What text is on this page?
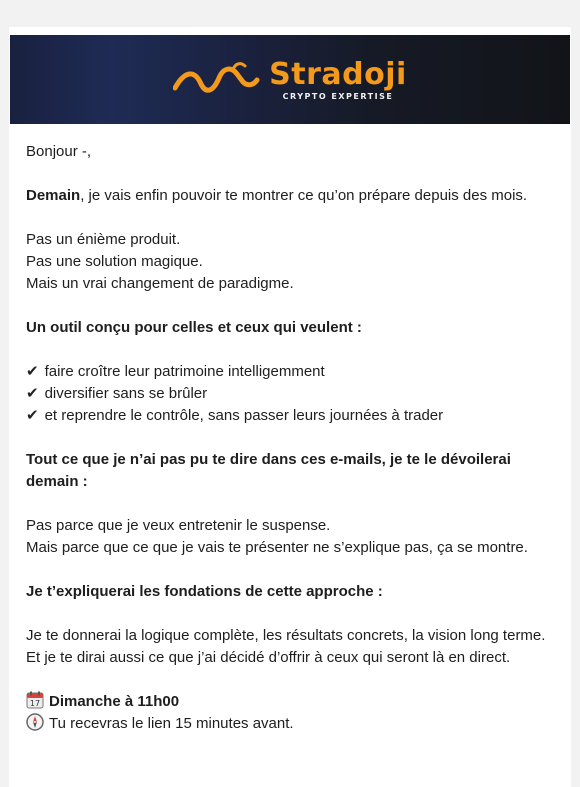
Stradoji
CRYPTO EXPERTISE

Bonjour -,

Demain, je vais enfin pouvoir te montrer ce qu’on prépare depuis des mois.

Pas un énième produit.
Pas une solution magique.
Mais un vrai changement de paradigme.

Un outil conçu pour celles et ceux qui veulent :

✔ faire croître leur patrimoine intelligemment
✔ diversifier sans se brûler
✔ et reprendre le contrôle, sans passer leurs journées à trader

Tout ce que je n’ai pas pu te dire dans ces e-mails, je te le dévoilerai demain :

Pas parce que je veux entretenir le suspense.
Mais parce que ce que je vais te présenter ne s’explique pas, ça se montre.

Je t’expliquerai les fondations de cette approche :

Je te donnerai la logique complète, les résultats concrets, la vision long terme.
Et je te dirai aussi ce que j’ai décidé d’offrir à ceux qui seront là en direct.

17 Dimanche à 11h00
Tu recevras le lien 15 minutes avant.
